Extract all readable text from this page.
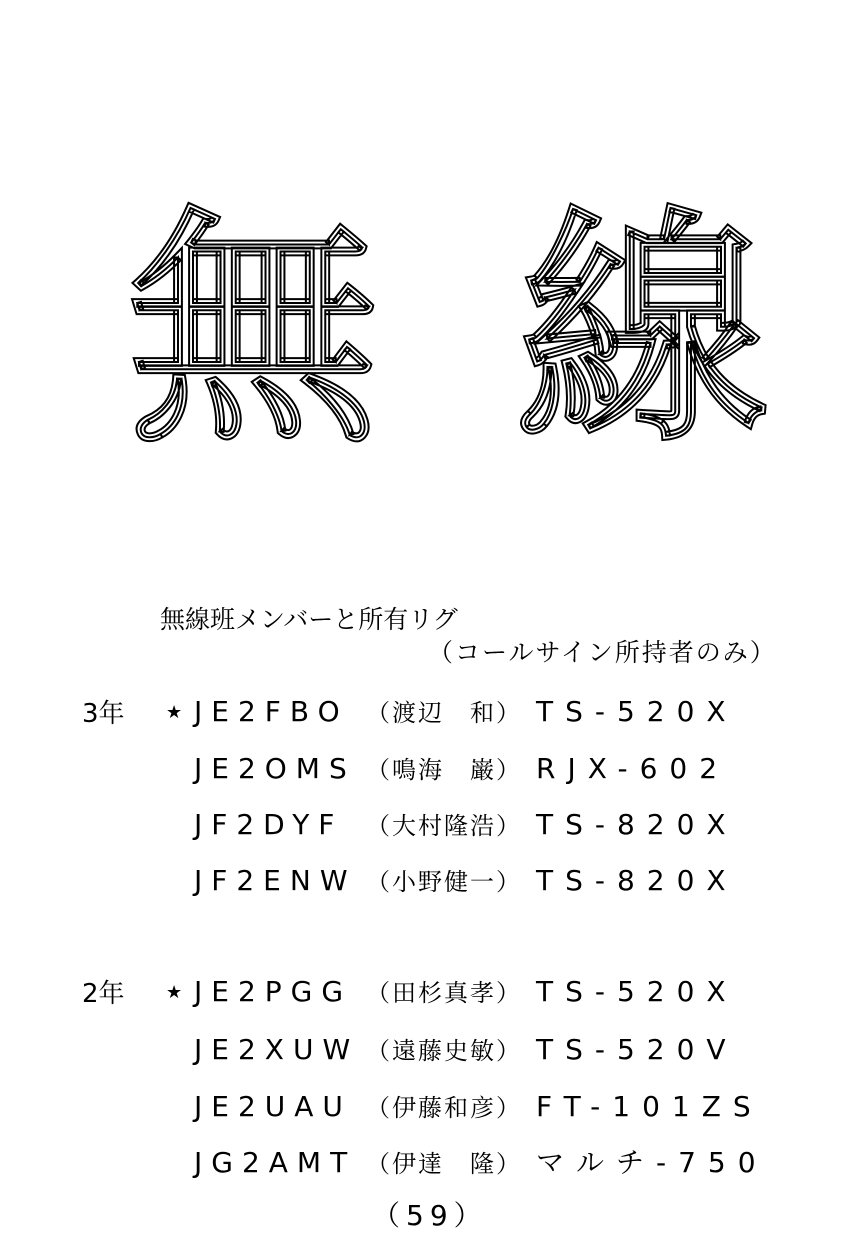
無 線
無線班メンバーと所有リグ
（コールサイン所持者のみ）
3年 ★ JE2FBO （渡辺　和） TS-520X
JE2OMS （鳴海　巌） RJX-602
JF2DYF （大村隆浩） TS-820X
JF2ENW （小野健一） TS-820X
2年 ★ JE2PGG （田杉真孝） TS-520X
JE2XUW （遠藤史敏） TS-520V
JE2UAU （伊藤和彦） FT-101ZS
JG2AMT （伊達　隆） マルチ-750
（59）
